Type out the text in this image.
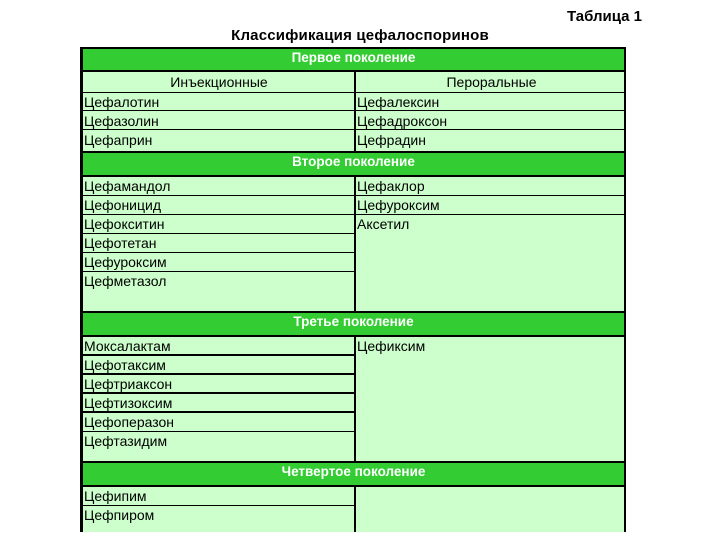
Таблица 1
Классификация цефалоспоринов
Первое поколение
Инъекционные	Пероральные
Цефалотин
Цефазолин
Цефаприн
Цефалексин
Цефадроксон
Цефрадин
Второе поколение
Цефамандол
Цефоницид
Цефокситин
Цефотетан
Цефуроксим
Цефметазол
Цефаклор
Цефуроксим
Аксетил
Третье поколение
Моксалактам
Цефотаксим
Цефтриаксон
Цефтизоксим
Цефоперазон
Цефтазидим
Цефиксим
Четвертое поколение
Цефипим
Цефпиром
